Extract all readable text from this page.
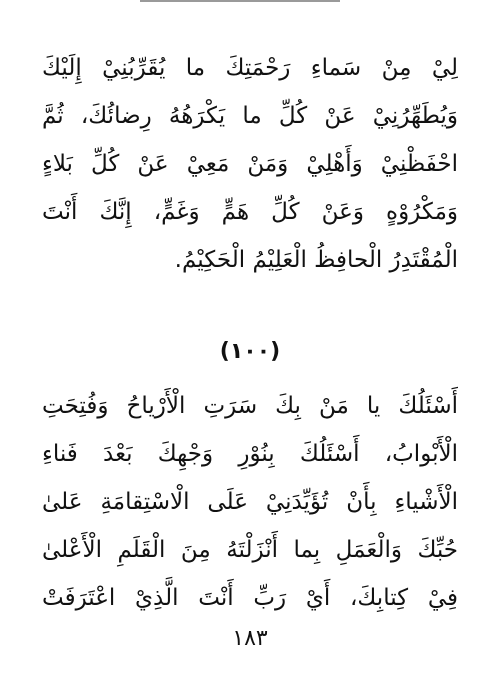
لِيْ مِنْ سَماءِ رَحْمَتِكَ ما يُقَرِّبُنِيْ إِلَيْكَ
وَيُطَهِّرُنِيْ عَنْ كُلِّ ما يَكْرَهُهُ رِضائُكَ، ثُمَّ
احْفَظْنِيْ وَأَهْلِيْ وَمَنْ مَعِيْ عَنْ كُلِّ بَلاءٍ
وَمَكْرُوْهٍ وَعَنْ كُلِّ هَمٍّ وَغَمٍّ، إِنَّكَ أَنْتَ
الْمُقْتَدِرُ الْحافِظُ الْعَلِيْمُ الْحَكِيْمُ.
(١٠٠)
أَسْئَلُكَ يا مَنْ بِكَ سَرَتِ الْأَرْياحُ وَفُتِحَتِ
الْأَبْوابُ، أَسْئَلُكَ بِنُوْرِ وَجْهِكَ بَعْدَ فَناءِ
الْأَشْياءِ بِأَنْ تُؤَيِّدَنِيْ عَلَى الْاسْتِقامَةِ عَلىٰ
حُبِّكَ وَالْعَمَلِ بِما أَنْزَلْتَهُ مِنَ الْقَلَمِ الْأَعْلىٰ
فِيْ كِتابِكَ، أَيْ رَبِّ أَنْتَ الَّذِيْ اعْتَرَفَتْ
١٨٣
